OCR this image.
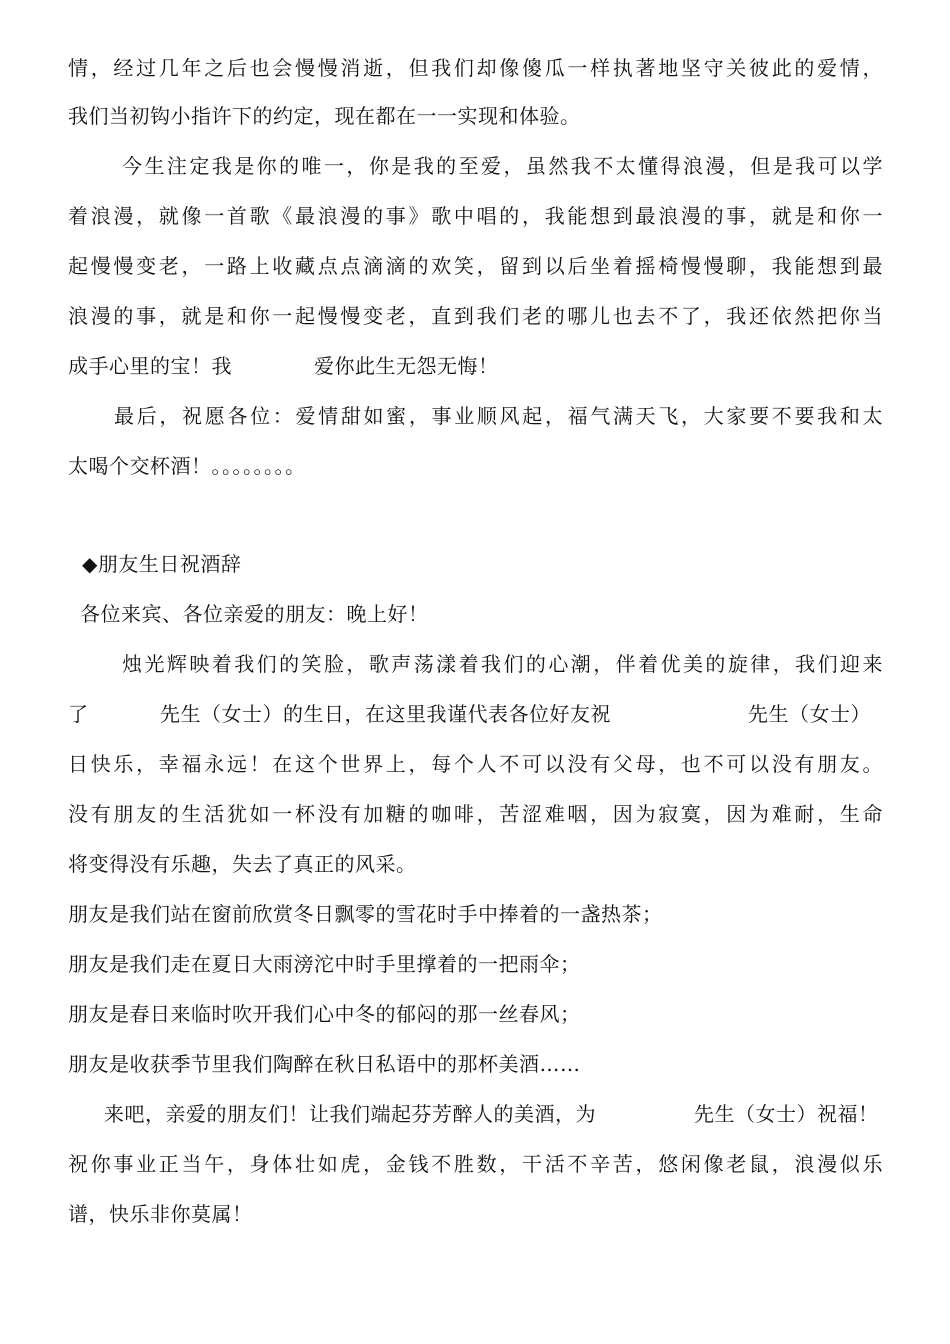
情，经过几年之后也会慢慢消逝，但我们却像傻瓜一样执著地坚守关彼此的爱情，
我们当初钩小指许下的约定，现在都在一一实现和体验。
今生注定我是你的唯一，你是我的至爱，虽然我不太懂得浪漫，但是我可以学
着浪漫，就像一首歌《最浪漫的事》歌中唱的，我能想到最浪漫的事，就是和你一
起慢慢变老，一路上收藏点点滴滴的欢笑，留到以后坐着摇椅慢慢聊，我能想到最
浪漫的事，就是和你一起慢慢变老，直到我们老的哪儿也去不了，我还依然把你当
成手心里的宝！我	爱你此生无怨无悔！
最后，祝愿各位：爱情甜如蜜，事业顺风起，福气满天飞，大家要不要我和太
太喝个交杯酒！。。。。。。。。
◆朋友生日祝酒辞
各位来宾、各位亲爱的朋友：晚上好！
烛光辉映着我们的笑脸，歌声荡漾着我们的心潮，伴着优美的旋律，我们迎来
了	先生（女士）的生日，在这里我谨代表各位好友祝	先生（女士）
日快乐，幸福永远！在这个世界上，每个人不可以没有父母，也不可以没有朋友。
没有朋友的生活犹如一杯没有加糖的咖啡，苦涩难咽，因为寂寞，因为难耐，生命
将变得没有乐趣，失去了真正的风采。
朋友是我们站在窗前欣赏冬日飘零的雪花时手中捧着的一盏热茶；
朋友是我们走在夏日大雨滂沱中时手里撑着的一把雨伞；
朋友是春日来临时吹开我们心中冬的郁闷的那一丝春风；
朋友是收获季节里我们陶醉在秋日私语中的那杯美酒……
来吧，亲爱的朋友们！让我们端起芬芳醉人的美酒，为	先生（女士）祝福！
祝你事业正当午，身体壮如虎，金钱不胜数，干活不辛苦，悠闲像老鼠，浪漫似乐
谱，快乐非你莫属！
